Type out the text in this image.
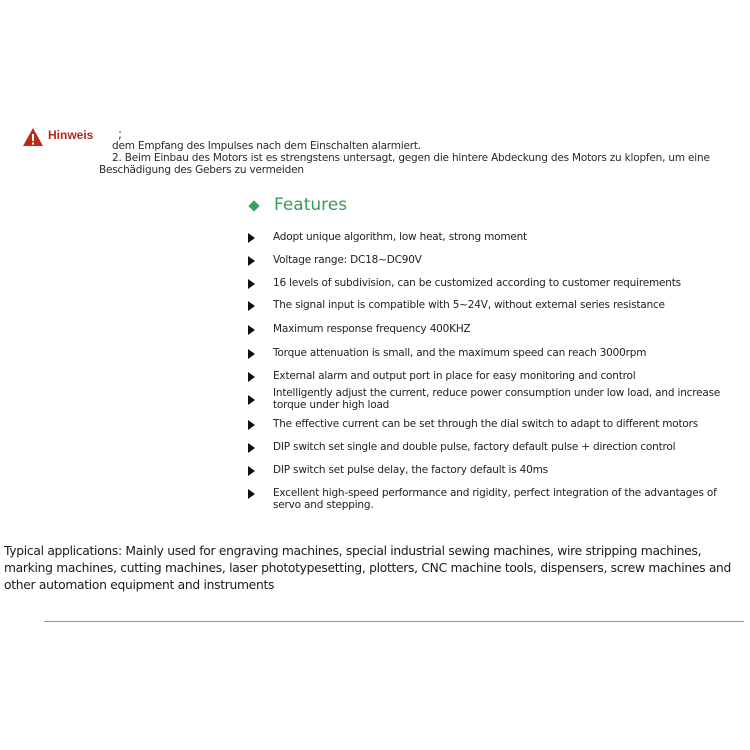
Hinweis ;
dem Empfang des Impulses nach dem Einschalten alarmiert.
2. Beim Einbau des Motors ist es strengstens untersagt, gegen die hintere Abdeckung des Motors zu klopfen, um eine
Beschädigung des Gebers zu vermeiden
Features
Adopt unique algorithm, low heat, strong moment
Voltage range: DC18~DC90V
16 levels of subdivision, can be customized according to customer requirements
The signal input is compatible with 5~24V, without external series resistance
Maximum response frequency 400KHZ
Torque attenuation is small, and the maximum speed can reach 3000rpm
External alarm and output port in place for easy monitoring and control
Intelligently adjust the current, reduce power consumption under low load, and increase torque under high load
The effective current can be set through the dial switch to adapt to different motors
DIP switch set single and double pulse, factory default pulse + direction control
DIP switch set pulse delay, the factory default is 40ms
Excellent high-speed performance and rigidity, perfect integration of the advantages of servo and stepping.
Typical applications: Mainly used for engraving machines, special industrial sewing machines, wire stripping machines, marking machines, cutting machines, laser phototypesetting, plotters, CNC machine tools, dispensers, screw machines and other automation equipment and instruments
